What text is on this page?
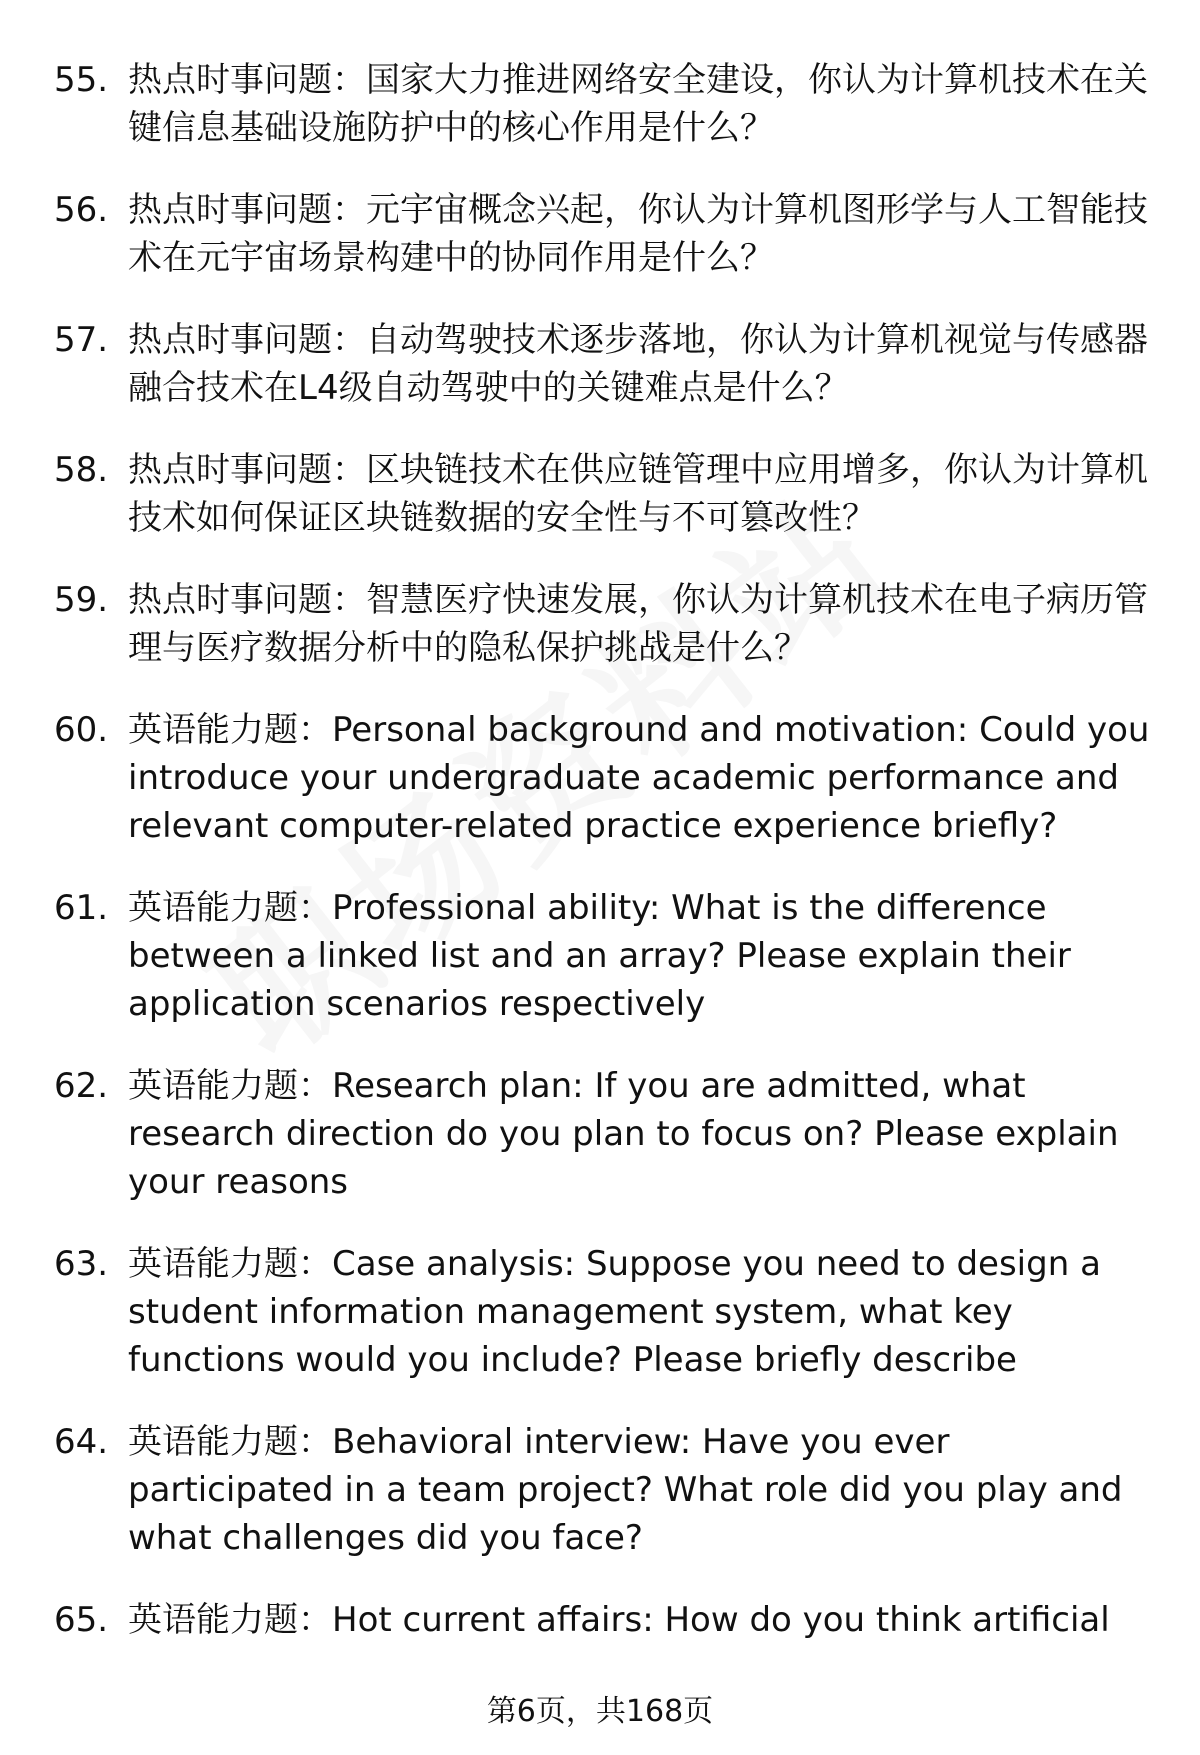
55. 热点时事问题：国家大力推进网络安全建设，你认为计算机技术在关键信息基础设施防护中的核心作用是什么？
56. 热点时事问题：元宇宙概念兴起，你认为计算机图形学与人工智能技术在元宇宙场景构建中的协同作用是什么？
57. 热点时事问题：自动驾驶技术逐步落地，你认为计算机视觉与传感器融合技术在L4级自动驾驶中的关键难点是什么？
58. 热点时事问题：区块链技术在供应链管理中应用增多，你认为计算机技术如何保证区块链数据的安全性与不可篡改性？
59. 热点时事问题：智慧医疗快速发展，你认为计算机技术在电子病历管理与医疗数据分析中的隐私保护挑战是什么？
60. 英语能力题：Personal background and motivation: Could you introduce your undergraduate academic performance and relevant computer-related practice experience briefly?
61. 英语能力题：Professional ability: What is the difference between a linked list and an array? Please explain their application scenarios respectively
62. 英语能力题：Research plan: If you are admitted, what research direction do you plan to focus on? Please explain your reasons
63. 英语能力题：Case analysis: Suppose you need to design a student information management system, what key functions would you include? Please briefly describe
64. 英语能力题：Behavioral interview: Have you ever participated in a team project? What role did you play and what challenges did you face?
65. 英语能力题：Hot current affairs: How do you think artificial
第6页，共168页
